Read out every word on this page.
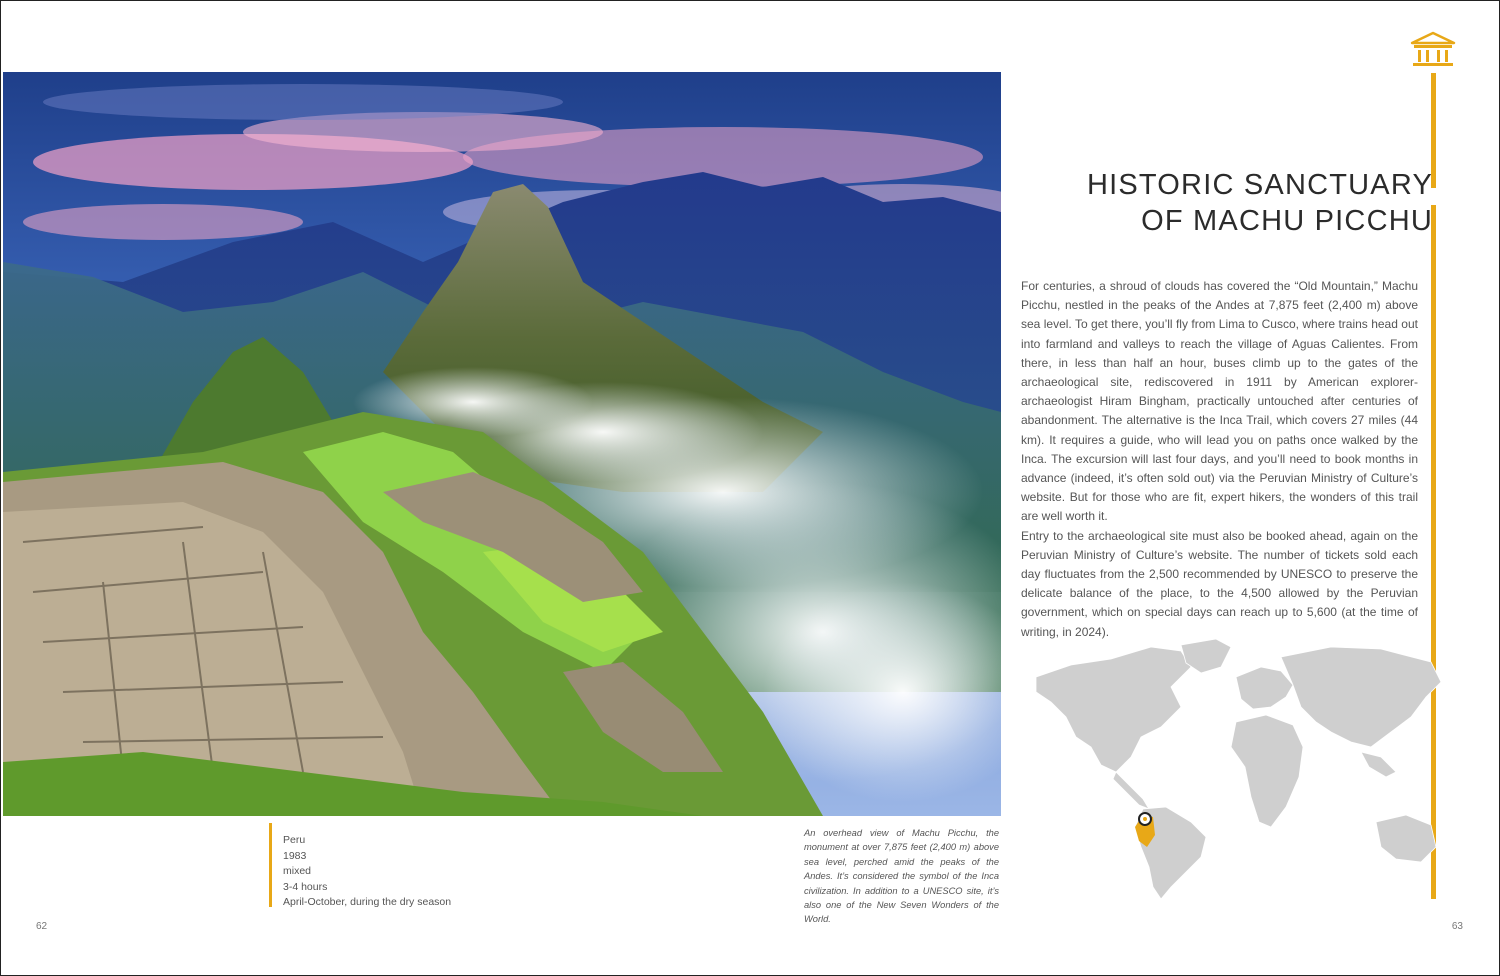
HISTORIC SANCTUARY
OF MACHU PICCHU

For centuries, a shroud of clouds has covered the “Old Mountain,” Machu Picchu, nestled in the peaks of the Andes at 7,875 feet (2,400 m) above sea level. To get there, you’ll fly from Lima to Cusco, where trains head out into farmland and valleys to reach the village of Aguas Calientes. From there, in less than half an hour, buses climb up to the gates of the archaeological site, rediscovered in 1911 by American explorer-archaeologist Hiram Bingham, practically untouched after centuries of abandonment. The alternative is the Inca Trail, which covers 27 miles (44 km). It requires a guide, who will lead you on paths once walked by the Inca. The excursion will last four days, and you’ll need to book months in advance (indeed, it’s often sold out) via the Peruvian Ministry of Culture’s website. But for those who are fit, expert hikers, the wonders of this trail are well worth it.

Entry to the archaeological site must also be booked ahead, again on the Peruvian Ministry of Culture’s website. The number of tickets sold each day fluctuates from the 2,500 recommended by UNESCO to preserve the delicate balance of the place, to the 4,500 allowed by the Peruvian government, which on special days can reach up to 5,600 (at the time of writing, in 2024).

Peru
1983
mixed
3-4 hours
April-October, during the dry season
An overhead view of Machu Picchu, the monument at over 7,875 feet (2,400 m) above sea level, perched amid the peaks of the Andes. It’s considered the symbol of the Inca civilization. In addition to a UNESCO site, it’s also one of the New Seven Wonders of the World.
62	63
